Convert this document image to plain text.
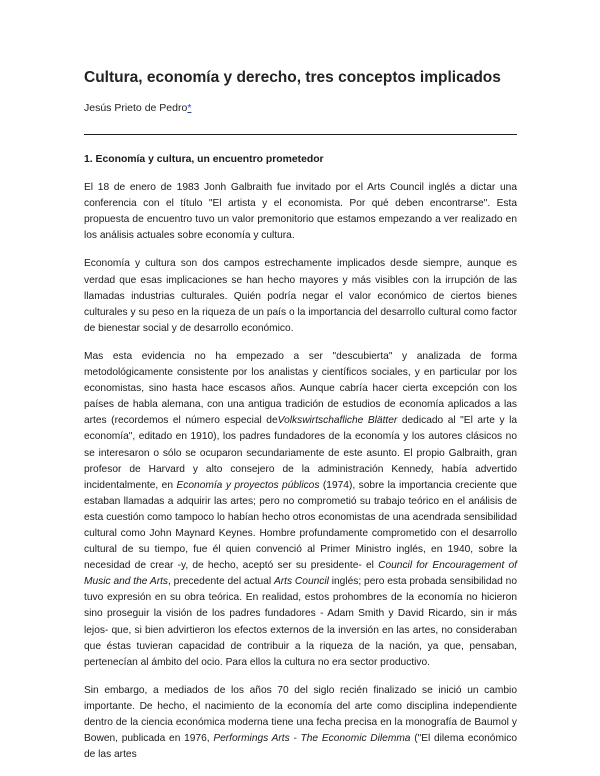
Cultura, economía y derecho, tres conceptos implicados
Jesús Prieto de Pedro*
1. Economía y cultura, un encuentro prometedor

El 18 de enero de 1983 Jonh Galbraith fue invitado por el Arts Council inglés a dictar una conferencia con el título "El artista y el economista. Por qué deben encontrarse". Esta propuesta de encuentro tuvo un valor premonitorio que estamos empezando a ver realizado en los análisis actuales sobre economía y cultura.

Economía y cultura son dos campos estrechamente implicados desde siempre, aunque es verdad que esas implicaciones se han hecho mayores y más visibles con la irrupción de las llamadas industrias culturales. Quién podría negar el valor económico de ciertos bienes culturales y su peso en la riqueza de un país o la importancia del desarrollo cultural como factor de bienestar social y de desarrollo económico.

Mas esta evidencia no ha empezado a ser "descubierta" y analizada de forma metodológicamente consistente por los analistas y científicos sociales, y en particular por los economistas, sino hasta hace escasos años. Aunque cabría hacer cierta excepción con los países de habla alemana, con una antigua tradición de estudios de economía aplicados a las artes (recordemos el número especial deVolkswirtschafliche Blätter dedicado al "El arte y la economía", editado en 1910), los padres fundadores de la economía y los autores clásicos no se interesaron o sólo se ocuparon secundariamente de este asunto. El propio Galbraith, gran profesor de Harvard y alto consejero de la administración Kennedy, había advertido incidentalmente, en Economía y proyectos públicos (1974), sobre la importancia creciente que estaban llamadas a adquirir las artes; pero no comprometió su trabajo teórico en el análisis de esta cuestión como tampoco lo habían hecho otros economistas de una acendrada sensibilidad cultural como John Maynard Keynes. Hombre profundamente comprometido con el desarrollo cultural de su tiempo, fue él quien convenció al Primer Ministro inglés, en 1940, sobre la necesidad de crear -y, de hecho, aceptó ser su presidente- el Council for Encouragement of Music and the Arts, precedente del actual Arts Council inglés; pero esta probada sensibilidad no tuvo expresión en su obra teórica. En realidad, estos prohombres de la economía no hicieron sino proseguir la visión de los padres fundadores - Adam Smith y David Ricardo, sin ir más lejos- que, si bien advirtieron los efectos externos de la inversión en las artes, no consideraban que éstas tuvieran capacidad de contribuir a la riqueza de la nación, ya que, pensaban, pertenecían al ámbito del ocio. Para ellos la cultura no era sector productivo.

Sin embargo, a mediados de los años 70 del siglo recién finalizado se inició un cambio importante. De hecho, el nacimiento de la economía del arte como disciplina independiente dentro de la ciencia económica moderna tiene una fecha precisa en la monografía de Baumol y Bowen, publicada en 1976, Performings Arts - The Economic Dilemma ("El dilema económico de las artes
